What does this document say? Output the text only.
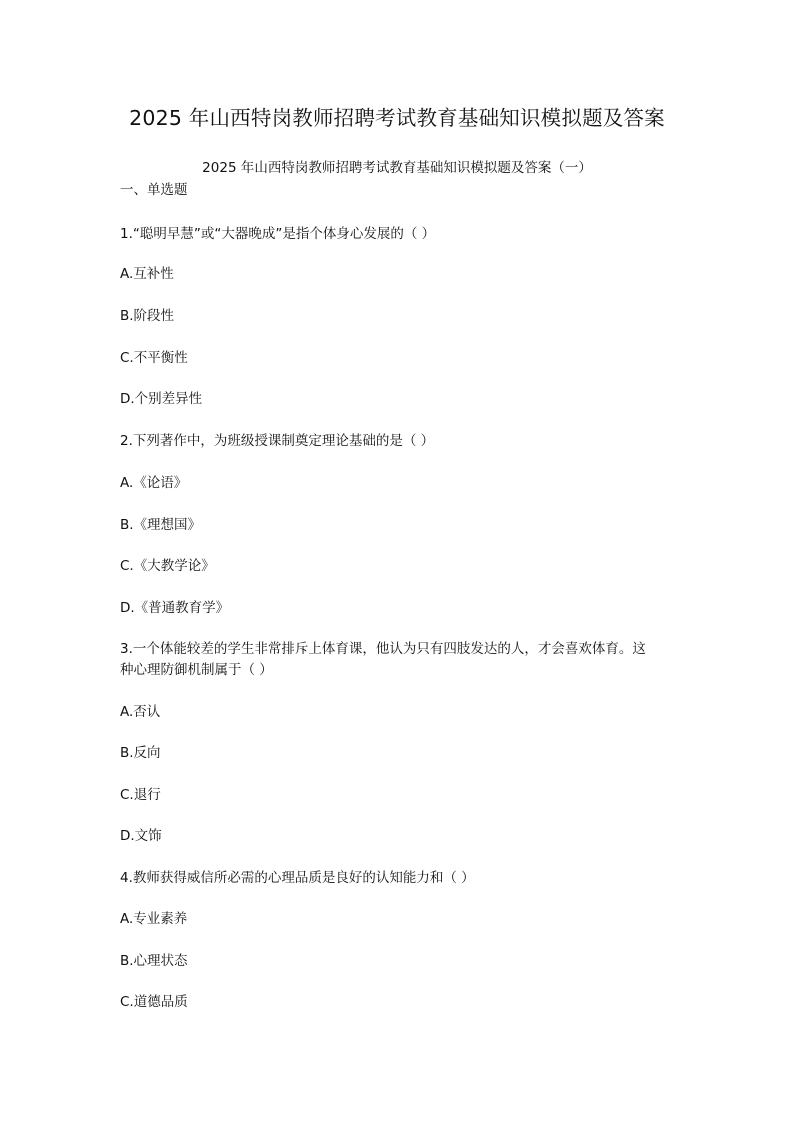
2025 年山西特岗教师招聘考试教育基础知识模拟题及答案
2025 年山西特岗教师招聘考试教育基础知识模拟题及答案（一）
一、单选题
1.“聪明早慧”或“大器晚成”是指个体身心发展的（ ）
A.互补性
B.阶段性
C.不平衡性
D.个别差异性
2.下列著作中，为班级授课制奠定理论基础的是（ ）
A.《论语》
B.《理想国》
C.《大教学论》
D.《普通教育学》
3.一个体能较差的学生非常排斥上体育课，他认为只有四肢发达的人，才会喜欢体育。这
种心理防御机制属于（ ）
A.否认
B.反向
C.退行
D.文饰
4.教师获得威信所必需的心理品质是良好的认知能力和（ ）
A.专业素养
B.心理状态
C.道德品质
